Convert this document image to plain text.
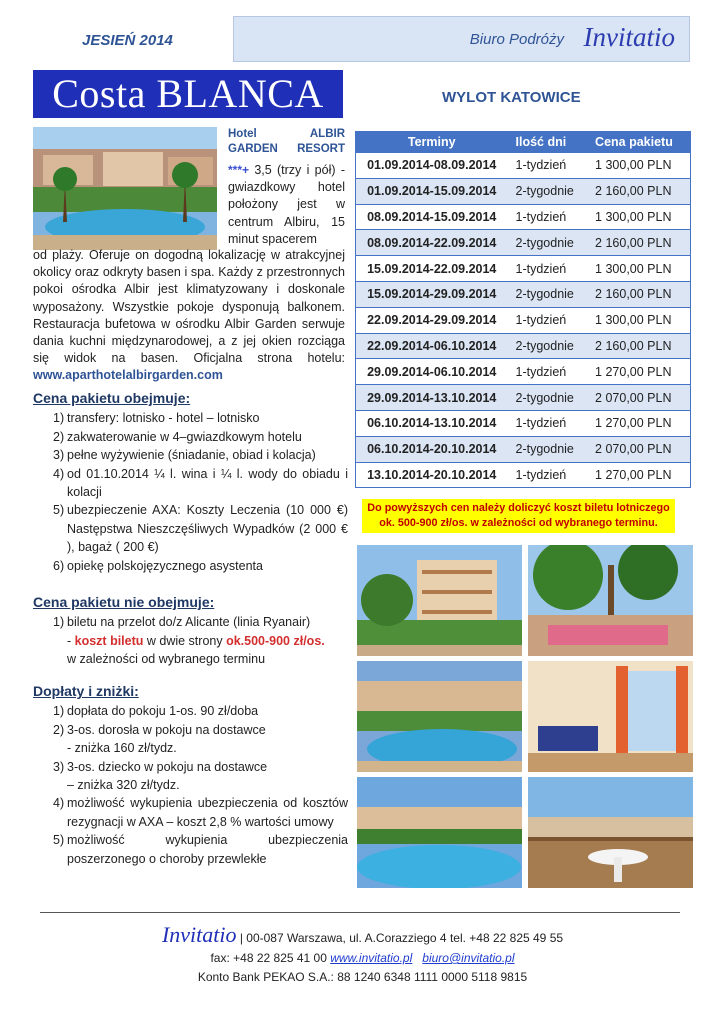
JESIEŃ 2014	Biuro Podróży Invitatio
Costa BLANCA	WYLOT KATOWICE
Hotel ALBIR GARDEN RESORT
***+ 3,5 (trzy i pół) - gwiazdkowy hotel położony jest w centrum Albiru, 15 minut spacerem
od plaży. Oferuje on dogodną lokalizację w atrakcyjnej okolicy oraz odkryty basen i spa. Każdy z przestronnych pokoi ośrodka Albir jest klimatyzowany i doskonale wyposażony. Wszystkie pokoje dysponują balkonem. Restauracja bufetowa w ośrodku Albir Garden serwuje dania kuchni międzynarodowej, a z jej okien rozciąga się widok na basen. Oficjalna strona hotelu: www.aparthotelalbirgarden.com
Cena pakietu obejmuje:
1) transfery: lotnisko - hotel – lotnisko
2) zakwaterowanie w 4–gwiazdkowym hotelu
3) pełne wyżywienie (śniadanie, obiad i kolacja)
4) od 01.10.2014 ¼ l. wina i ¼ l. wody do obiadu i kolacji
5) ubezpieczenie AXA: Koszty Leczenia (10 000 €) Następstwa Nieszczęśliwych Wypadków (2 000 € ), bagaż ( 200 €)
6) opiekę polskojęzycznego asystenta
Cena pakietu nie obejmuje:
1) biletu na przelot do/z Alicante (linia Ryanair)
- koszt biletu w dwie strony ok.500-900 zł/os.
w zależności od wybranego terminu
Dopłaty i zniżki:
1) dopłata do pokoju 1-os. 90 zł/doba
2) 3-os. dorosła w pokoju na dostawce
- zniżka 160 zł/tydz.
3) 3-os. dziecko w pokoju na dostawce
– zniżka 320 zł/tydz.
4) możliwość wykupienia ubezpieczenia od kosztów rezygnacji w AXA – koszt 2,8 % wartości umowy
5) możliwość wykupienia ubezpieczenia poszerzonego o choroby przewlekłe
Terminy	Ilość dni	Cena pakietu
01.09.2014-08.09.2014	1-tydzień	1 300,00 PLN
01.09.2014-15.09.2014	2-tygodnie	2 160,00 PLN
08.09.2014-15.09.2014	1-tydzień	1 300,00 PLN
08.09.2014-22.09.2014	2-tygodnie	2 160,00 PLN
15.09.2014-22.09.2014	1-tydzień	1 300,00 PLN
15.09.2014-29.09.2014	2-tygodnie	2 160,00 PLN
22.09.2014-29.09.2014	1-tydzień	1 300,00 PLN
22.09.2014-06.10.2014	2-tygodnie	2 160,00 PLN
29.09.2014-06.10.2014	1-tydzień	1 270,00 PLN
29.09.2014-13.10.2014	2-tygodnie	2 070,00 PLN
06.10.2014-13.10.2014	1-tydzień	1 270,00 PLN
06.10.2014-20.10.2014	2-tygodnie	2 070,00 PLN
13.10.2014-20.10.2014	1-tydzień	1 270,00 PLN
Do powyższych cen należy doliczyć koszt biletu lotniczego
ok. 500-900 zł/os. w zależności od wybranego terminu.
Invitatio | 00-087 Warszawa, ul. A.Corazziego 4 tel. +48 22 825 49 55
fax: +48 22 825 41 00 www.invitatio.pl biuro@invitatio.pl
Konto Bank PEKAO S.A.: 88 1240 6348 1111 0000 5118 9815
